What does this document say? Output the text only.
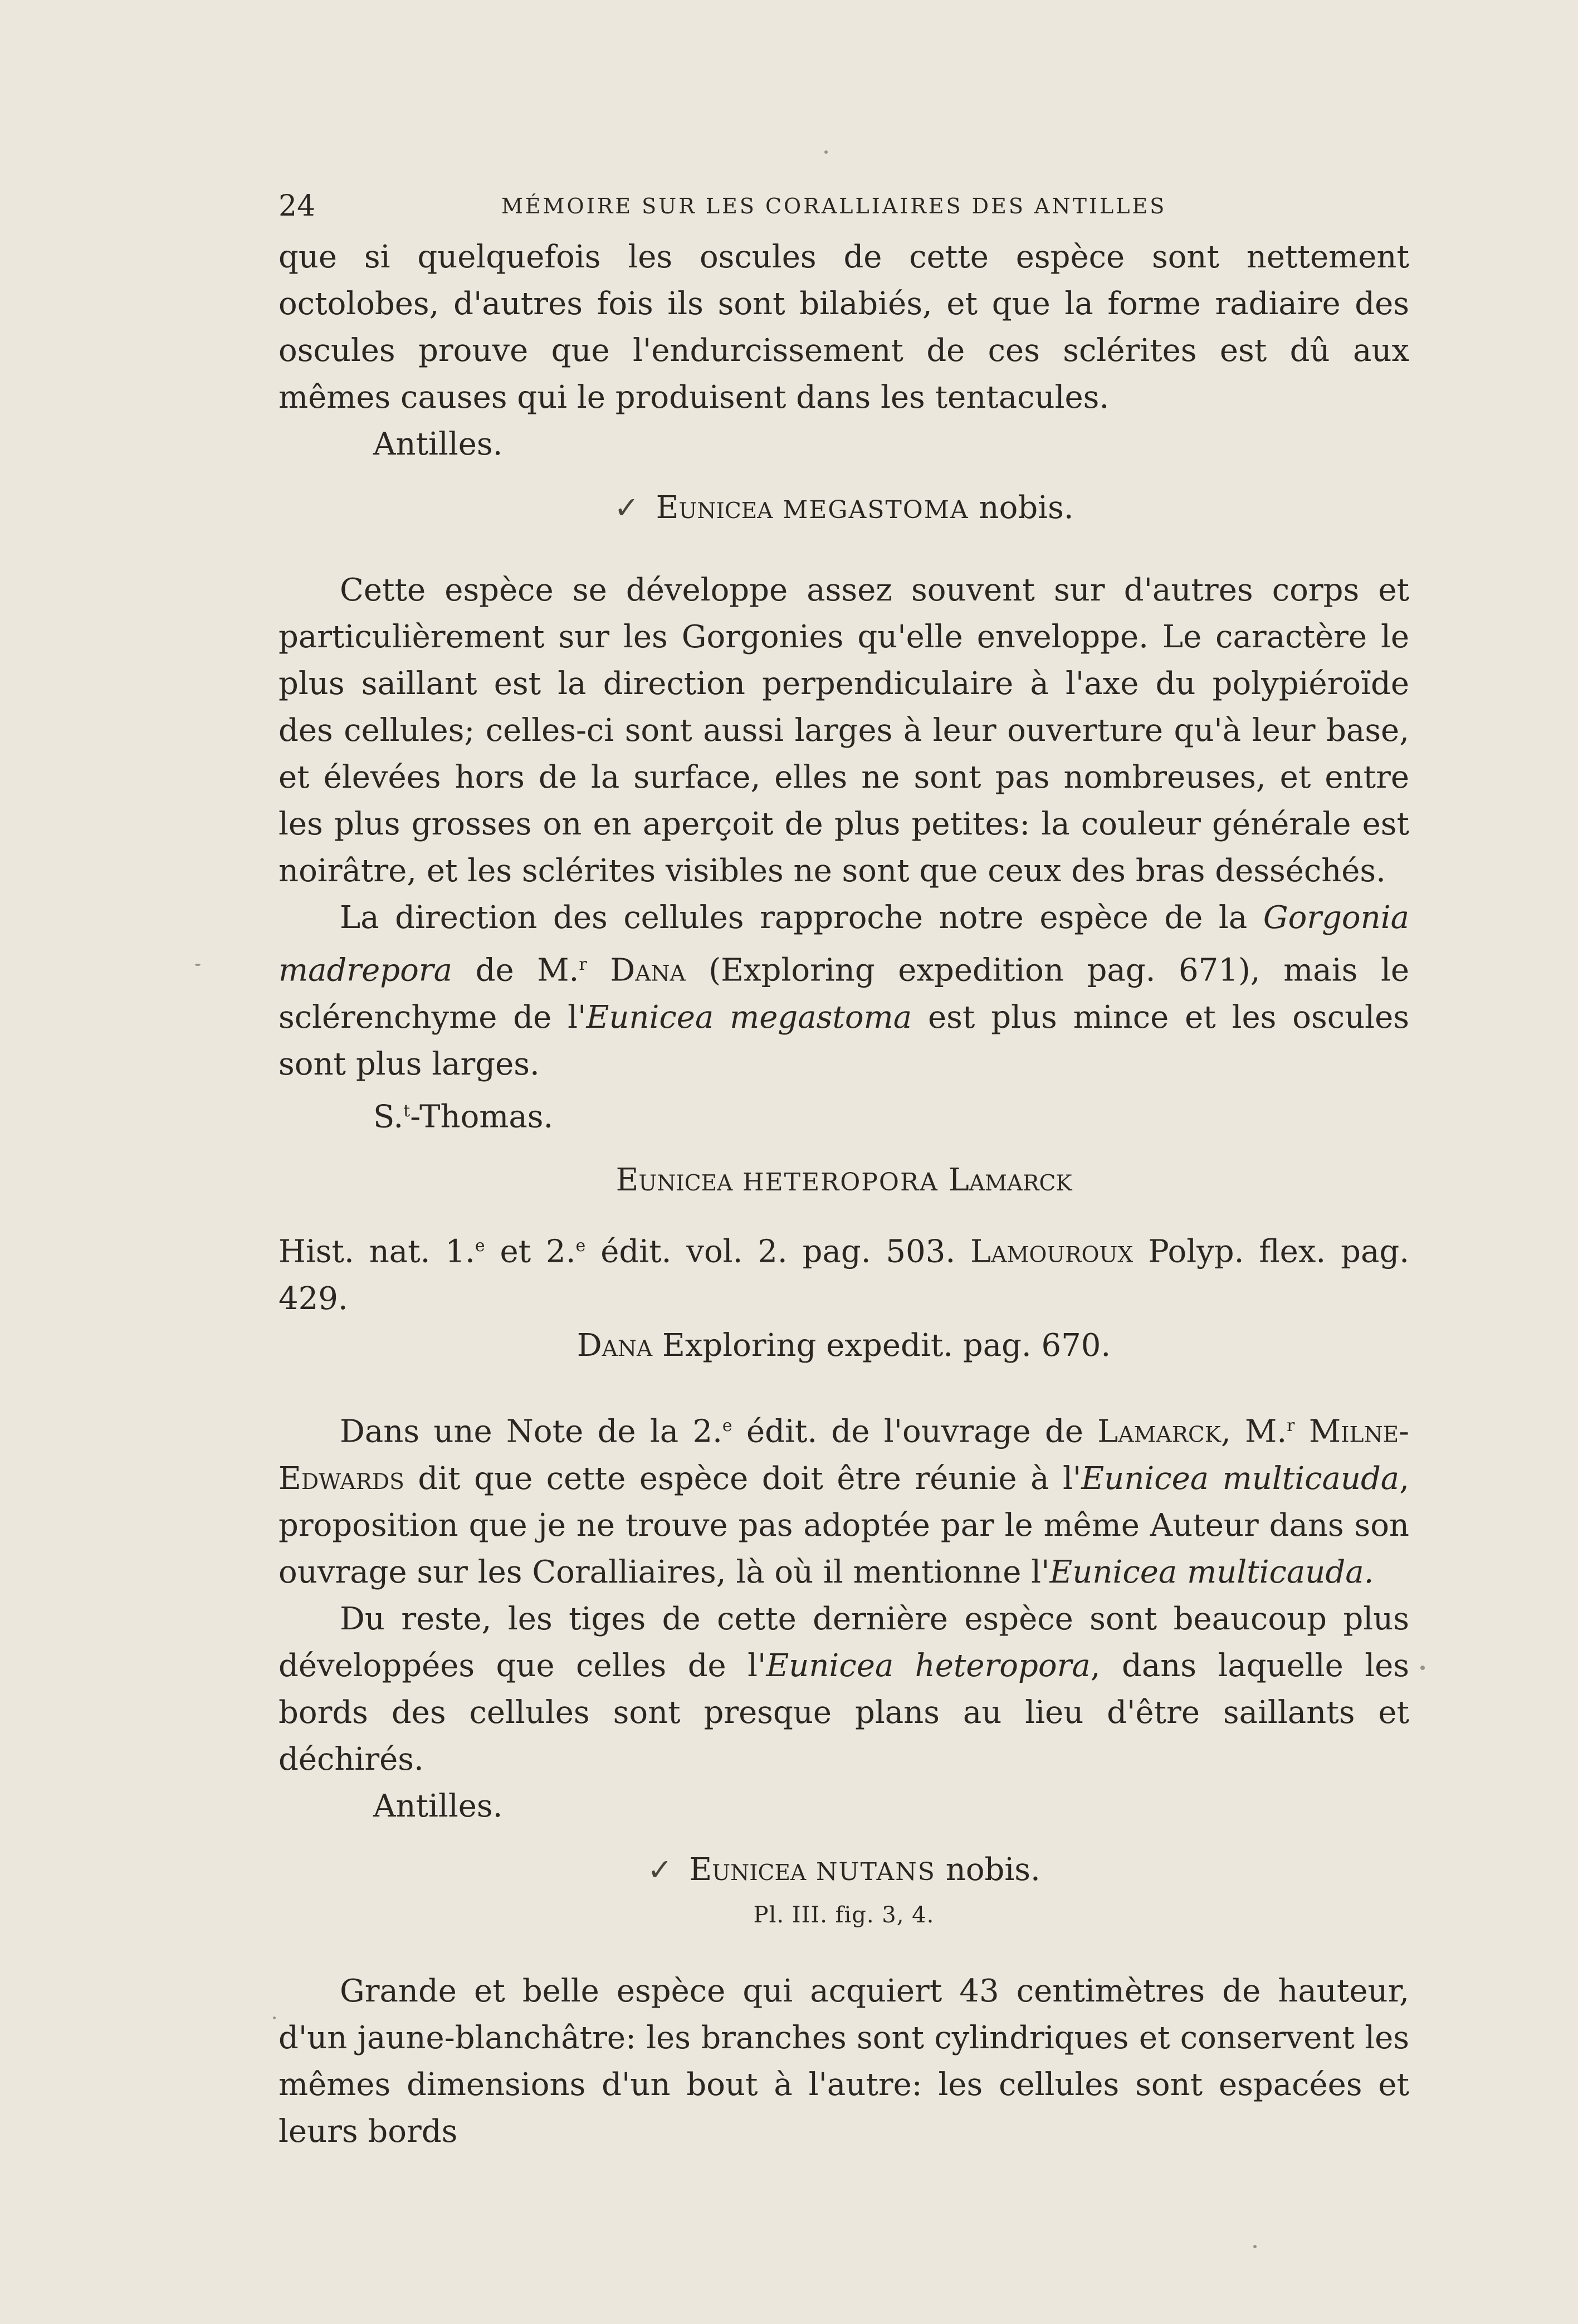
24	MÉMOIRE SUR LES CORALLIAIRES DES ANTILLES

que si quelquefois les oscules de cette espèce sont nettement octolobes, d'autres fois ils sont bilabiés, et que la forme radiaire des oscules prouve que l'endurcissement de ces sclérites est dû aux mêmes causes qui le produisent dans les tentacules.

Antilles.

✓ Eunicea MEGASTOMA nobis.

Cette espèce se développe assez souvent sur d'autres corps et particulièrement sur les Gorgonies qu'elle enveloppe. Le caractère le plus saillant est la direction perpendiculaire à l'axe du polypiéroïde des cellules; celles-ci sont aussi larges à leur ouverture qu'à leur base, et élevées hors de la surface, elles ne sont pas nombreuses, et entre les plus grosses on en aperçoit de plus petites: la couleur générale est noirâtre, et les sclérites visibles ne sont que ceux des bras desséchés.

La direction des cellules rapproche notre espèce de la Gorgonia madrepora de M.$^r$ Dana (Exploring expedition pag. 671), mais le sclérenchyme de l'Eunicea megastoma est plus mince et les oscules sont plus larges.

S.$^t$-Thomas.

Eunicea HETEROPORA Lamarck

Hist. nat. 1.$^e$ et 2.$^e$ édit. vol. 2. pag. 503. Lamouroux Polyp. flex. pag. 429.

Dana Exploring expedit. pag. 670.

Dans une Note de la 2.$^e$ édit. de l'ouvrage de Lamarck, M.$^r$ Milne-Edwards dit que cette espèce doit être réunie à l'Eunicea multicauda, proposition que je ne trouve pas adoptée par le même Auteur dans son ouvrage sur les Coralliaires, là où il mentionne l'Eunicea multicauda.

Du reste, les tiges de cette dernière espèce sont beaucoup plus développées que celles de l'Eunicea heteropora, dans laquelle les bords des cellules sont presque plans au lieu d'être saillants et déchirés.

Antilles.

✓ Eunicea NUTANS nobis.

Pl. III. fig. 3, 4.

Grande et belle espèce qui acquiert 43 centimètres de hauteur, d'un jaune-blanchâtre: les branches sont cylindriques et conservent les mêmes dimensions d'un bout à l'autre: les cellules sont espacées et leurs bords
